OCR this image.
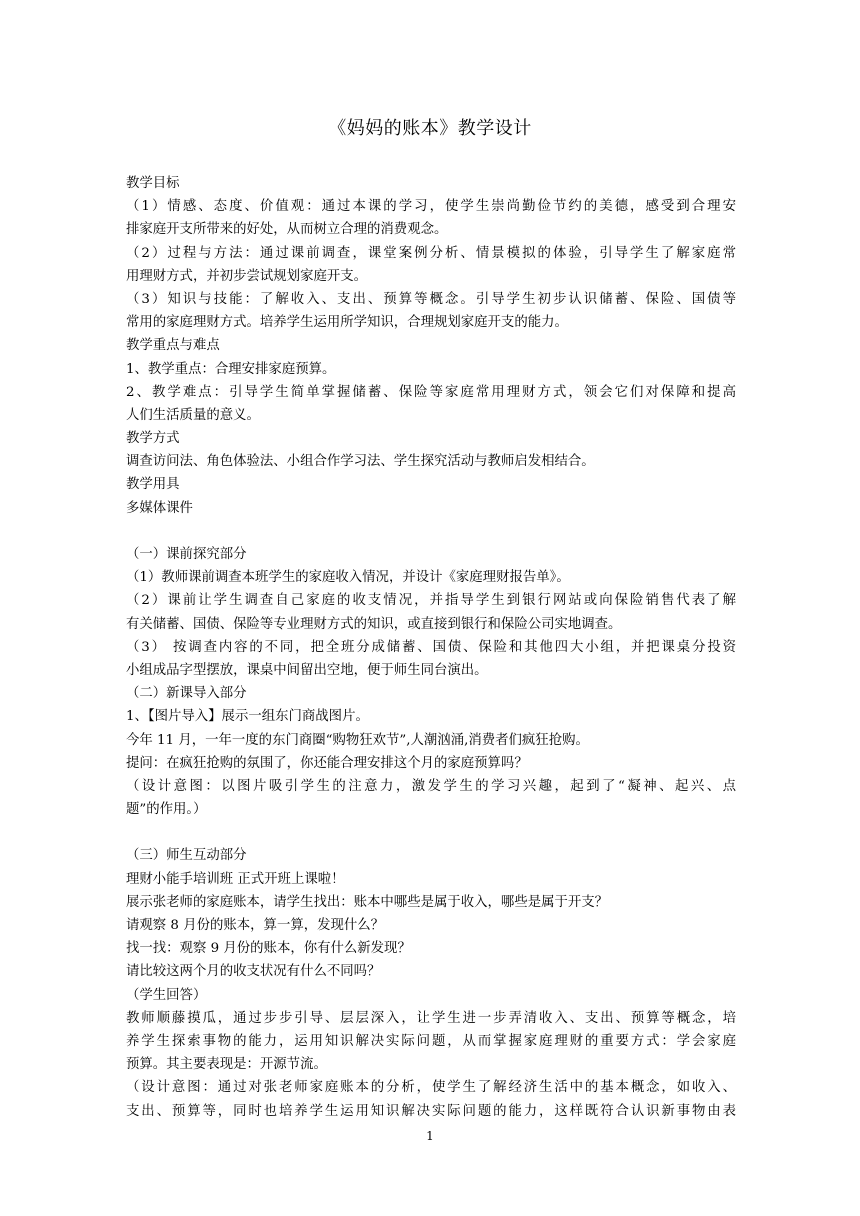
《妈妈的账本》教学设计
教学目标
（1）情感、态度、价值观：通过本课的学习，使学生崇尚勤俭节约的美德，感受到合理安
排家庭开支所带来的好处，从而树立合理的消费观念。
（2）过程与方法：通过课前调查，课堂案例分析、情景模拟的体验，引导学生了解家庭常
用理财方式，并初步尝试规划家庭开支。
（3）知识与技能：了解收入、支出、预算等概念。引导学生初步认识储蓄、保险、国债等
常用的家庭理财方式。培养学生运用所学知识，合理规划家庭开支的能力。
教学重点与难点
1、教学重点：合理安排家庭预算。
2、教学难点：引导学生简单掌握储蓄、保险等家庭常用理财方式，领会它们对保障和提高
人们生活质量的意义。
教学方式
调查访问法、角色体验法、小组合作学习法、学生探究活动与教师启发相结合。
教学用具
多媒体课件
（一）课前探究部分
（1）教师课前调查本班学生的家庭收入情况，并设计《家庭理财报告单》。
（2）课前让学生调查自己家庭的收支情况，并指导学生到银行网站或向保险销售代表了解
有关储蓄、国债、保险等专业理财方式的知识，或直接到银行和保险公司实地调查。
（3） 按调查内容的不同，把全班分成储蓄、国债、保险和其他四大小组，并把课桌分投资
小组成品字型摆放，课桌中间留出空地，便于师生同台演出。
（二）新课导入部分
1、【图片导入】展示一组东门商战图片。
今年 11 月，一年一度的东门商圈“购物狂欢节”,人潮汹涌,消费者们疯狂抢购。
提问：在疯狂抢购的氛围了，你还能合理安排这个月的家庭预算吗？
（设计意图：以图片吸引学生的注意力，激发学生的学习兴趣，起到了“凝神、起兴、点
题”的作用。）
（三）师生互动部分
理财小能手培训班 正式开班上课啦！
展示张老师的家庭账本，请学生找出：账本中哪些是属于收入，哪些是属于开支？
请观察 8 月份的账本，算一算，发现什么？
找一找：观察 9 月份的账本，你有什么新发现？
请比较这两个月的收支状况有什么不同吗？
（学生回答）
教师顺藤摸瓜，通过步步引导、层层深入，让学生进一步弄清收入、支出、预算等概念，培
养学生探索事物的能力，运用知识解决实际问题，从而掌握家庭理财的重要方式：学会家庭
预算。其主要表现是：开源节流。
（设计意图：通过对张老师家庭账本的分析，使学生了解经济生活中的基本概念，如收入、
支出、预算等，同时也培养学生运用知识解决实际问题的能力，这样既符合认识新事物由表
1
